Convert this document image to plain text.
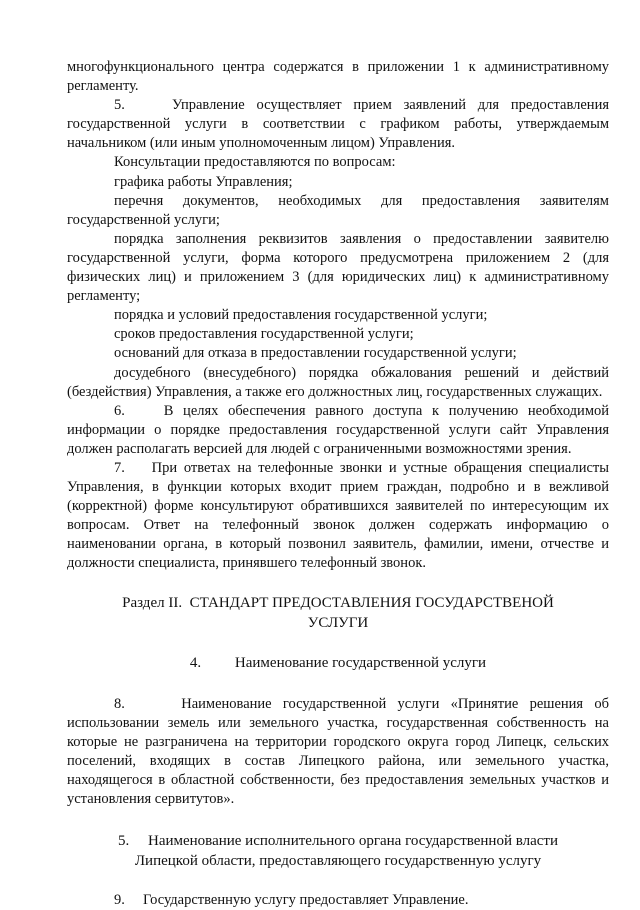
многофункционального центра содержатся в приложении 1 к административному регламенту.

5.    Управление осуществляет прием заявлений для предоставления государственной услуги в соответствии с графиком работы, утверждаемым начальником (или иным уполномоченным лицом) Управления.

Консультации предоставляются по вопросам:

графика работы Управления;

перечня документов, необходимых для предоставления заявителям государственной услуги;

порядка заполнения реквизитов заявления о предоставлении заявителю государственной услуги, форма которого предусмотрена приложением 2 (для физических лиц) и приложением 3 (для юридических лиц) к административному регламенту;

порядка и условий предоставления государственной услуги;

сроков предоставления государственной услуги;

оснований для отказа в предоставлении государственной услуги;

досудебного (внесудебного) порядка обжалования решений и действий (бездействия) Управления, а также его должностных лиц, государственных служащих.

6.    В целях обеспечения равного доступа к получению необходимой информации о порядке предоставления государственной услуги сайт Управления должен располагать версией для людей с ограниченными возможностями зрения.

7.    При ответах на телефонные звонки и устные обращения специалисты Управления, в функции которых входит прием граждан, подробно и в вежливой (корректной) форме консультируют обратившихся заявителей по интересующим их вопросам. Ответ на телефонный звонок должен содержать информацию о наименовании органа, в который позвонил заявитель, фамилии, имени, отчестве и должности специалиста, принявшего телефонный звонок.

Раздел II.  СТАНДАРТ ПРЕДОСТАВЛЕНИЯ ГОСУДАРСТВЕНОЙ
УСЛУГИ
4.         Наименование государственной услуги

8.     Наименование государственной услуги «Принятие решения об использовании земель или земельного участка, государственная собственность на которые не разграничена на территории городского округа город Липецк, сельских поселений, входящих в состав Липецкого района, или земельного участка, находящегося в областной собственности, без предоставления земельных участков и установления сервитутов».

5.     Наименование исполнительного органа государственной власти
Липецкой области, предоставляющего государственную услугу

9.     Государственную услугу предоставляет Управление.
